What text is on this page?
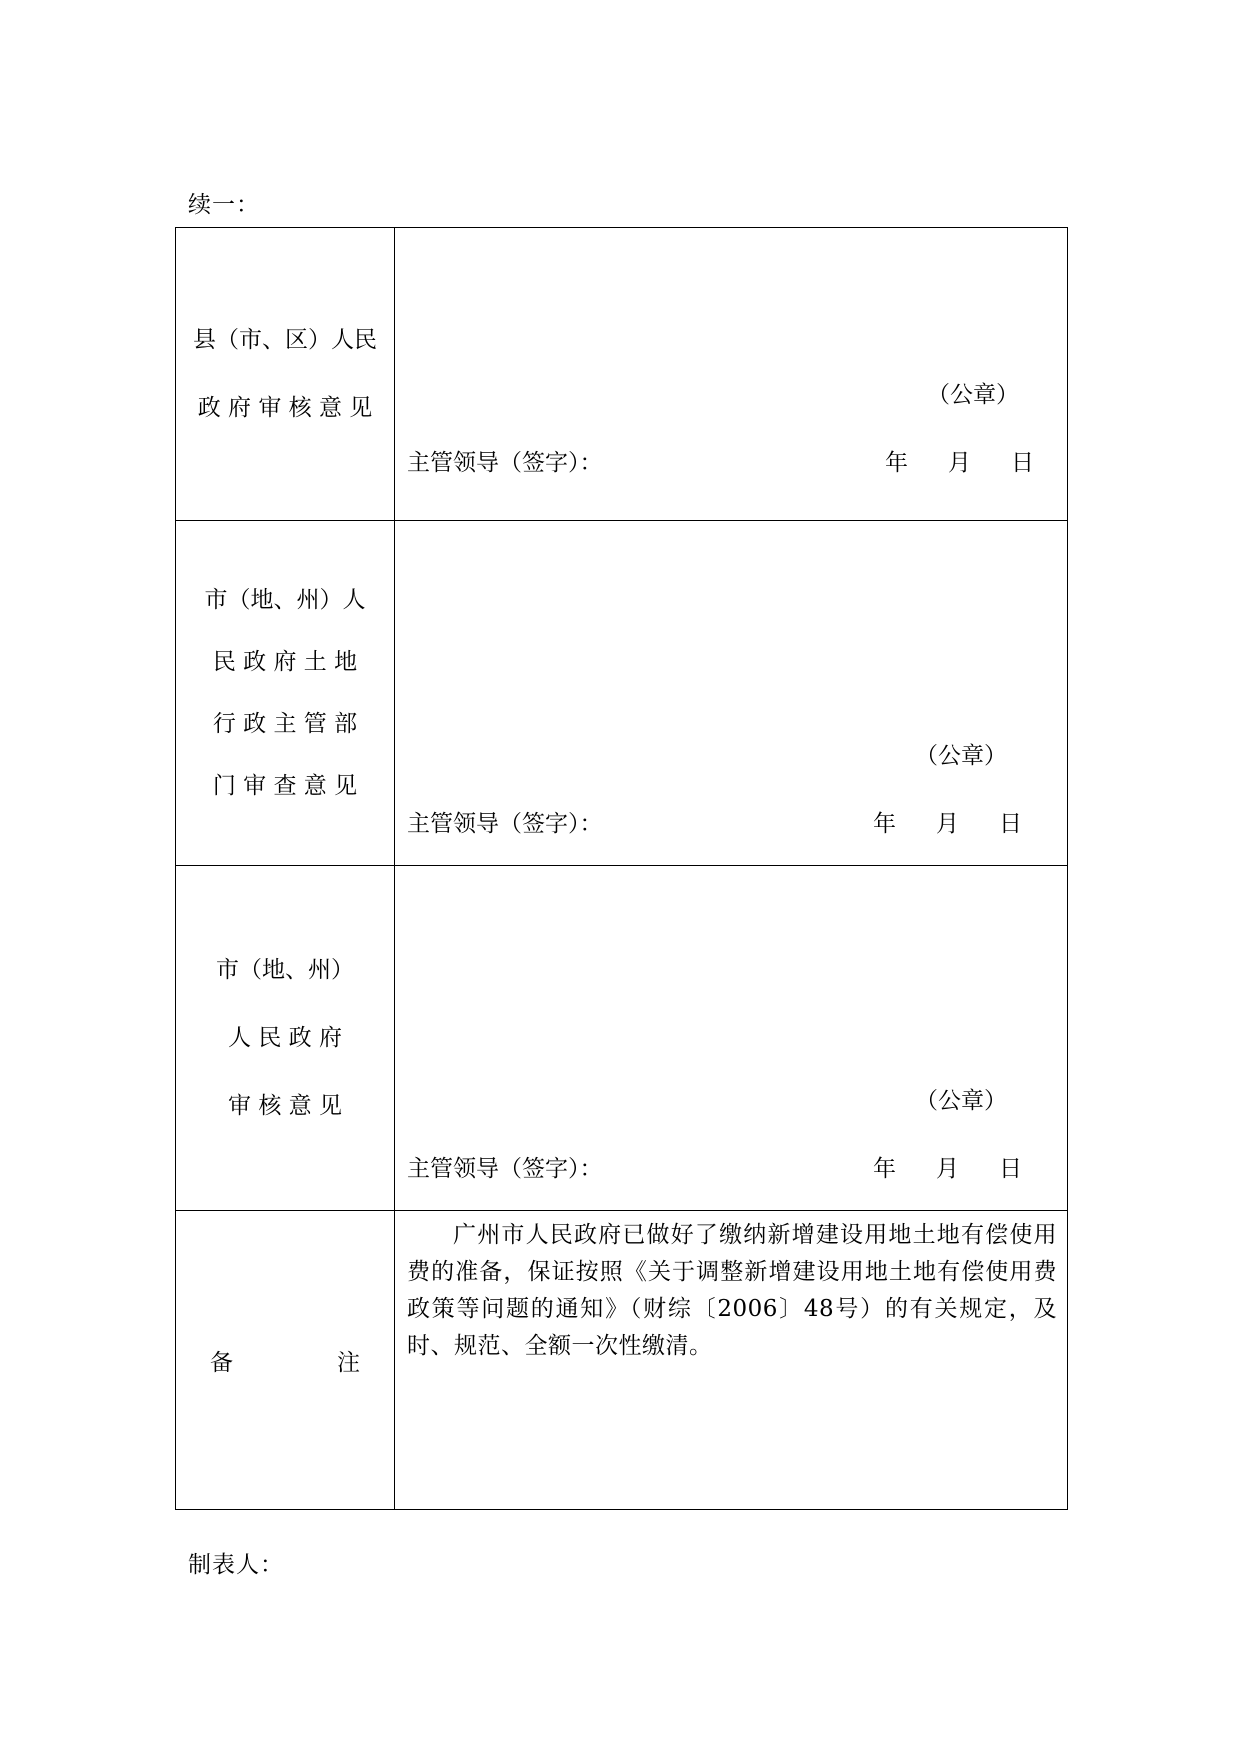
续一：
县（市、区）人民
政 府 审 核 意 见	（公章）
主管领导（签字）： 年 月 日

市（地、州）人
民 政 府 土 地
行 政 主 管 部
门 审 查 意 见	（公章）
主管领导（签字）： 年 月 日

市（地、州）
人 民 政 府
审 核 意 见	（公章）
主管领导（签字）： 年 月 日

备 注	广州市人民政府已做好了缴纳新增建设用地土地有偿使用费的准备，保证按照《关于调整新增建设用地土地有偿使用费政策等问题的通知》（财综〔2006〕48号）的有关规定，及时、规范、全额一次性缴清。
制表人：
